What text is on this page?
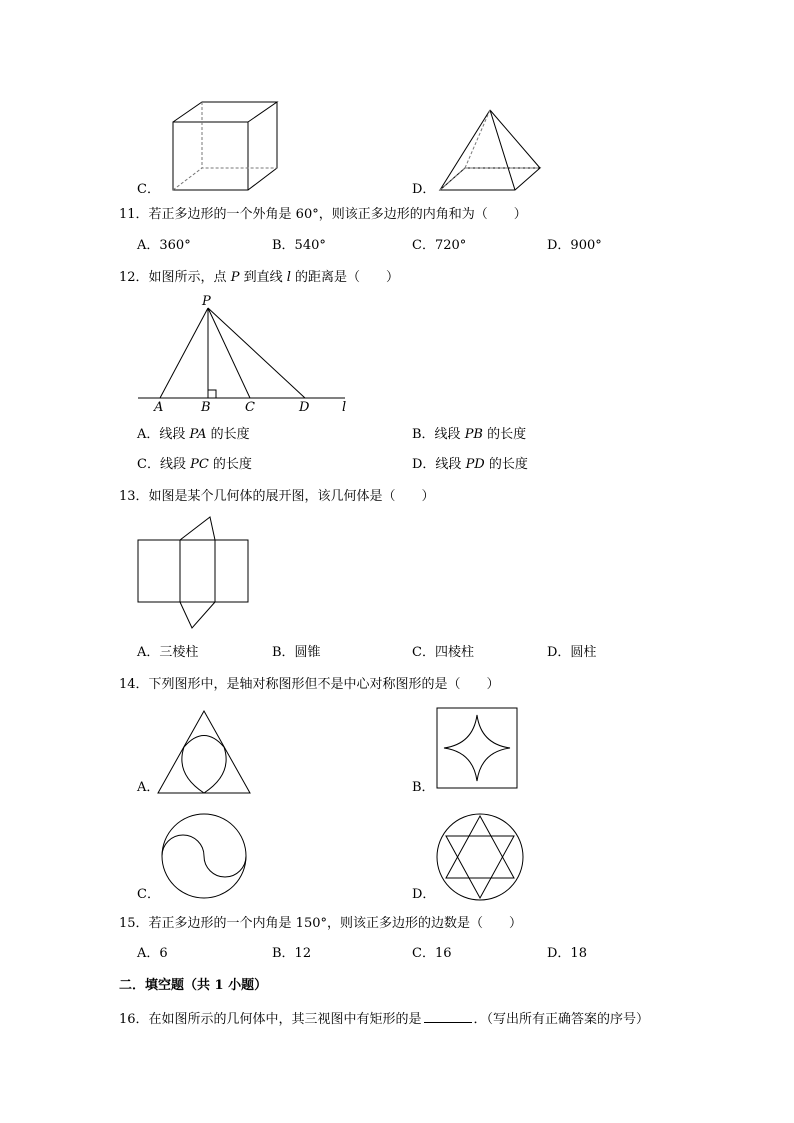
C．	D．
11．若正多边形的一个外角是 60°，则该正多边形的内角和为（　　）
A．360°	B．540°	C．720°	D．900°
12．如图所示，点 P 到直线 l 的距离是（　　）
P
A	B	C	D	l
A．线段 PA 的长度	B．线段 PB 的长度
C．线段 PC 的长度	D．线段 PD 的长度
13．如图是某个几何体的展开图，该几何体是（　　）
A．三棱柱	B．圆锥	C．四棱柱	D．圆柱
14．下列图形中，是轴对称图形但不是中心对称图形的是（　　）
A．	B．
C．	D．
15．若正多边形的一个内角是 150°，则该正多边形的边数是（　　）
A．6	B．12	C．16	D．18
二．填空题（共 1 小题）
16．在如图所示的几何体中，其三视图中有矩形的是	．（写出所有正确答案的序号）
